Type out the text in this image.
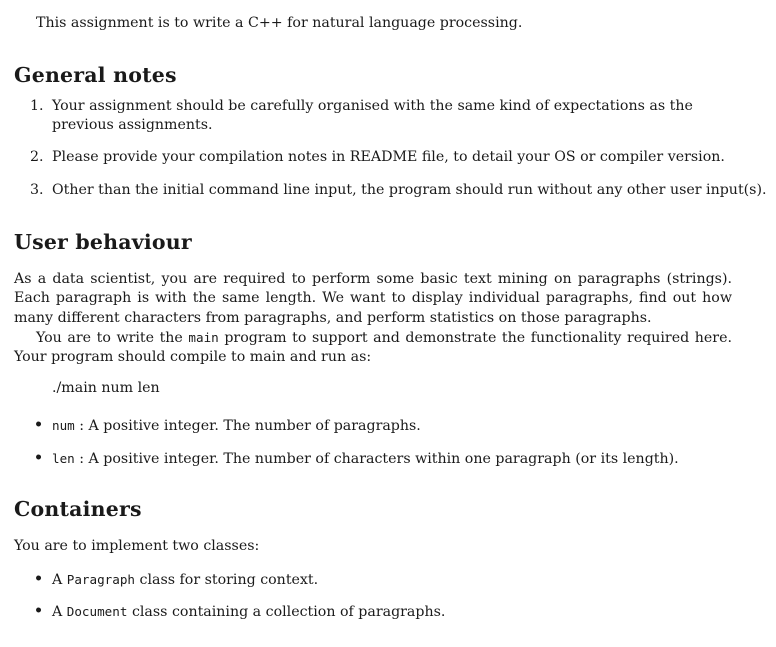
This assignment is to write a C++ for natural language processing.
General notes
1. Your assignment should be carefully organised with the same kind of expectations as the previous assignments.
2. Please provide your compilation notes in README file, to detail your OS or compiler version.
3. Other than the initial command line input, the program should run without any other user input(s).
User behaviour
As a data scientist, you are required to perform some basic text mining on paragraphs (strings). Each paragraph is with the same length. We want to display individual paragraphs, find out how many different characters from paragraphs, and perform statistics on those paragraphs.
You are to write the main program to support and demonstrate the functionality required here. Your program should compile to main and run as:
./main num len
• num : A positive integer. The number of paragraphs.
• len : A positive integer. The number of characters within one paragraph (or its length).
Containers
You are to implement two classes:
• A Paragraph class for storing context.
• A Document class containing a collection of paragraphs.
